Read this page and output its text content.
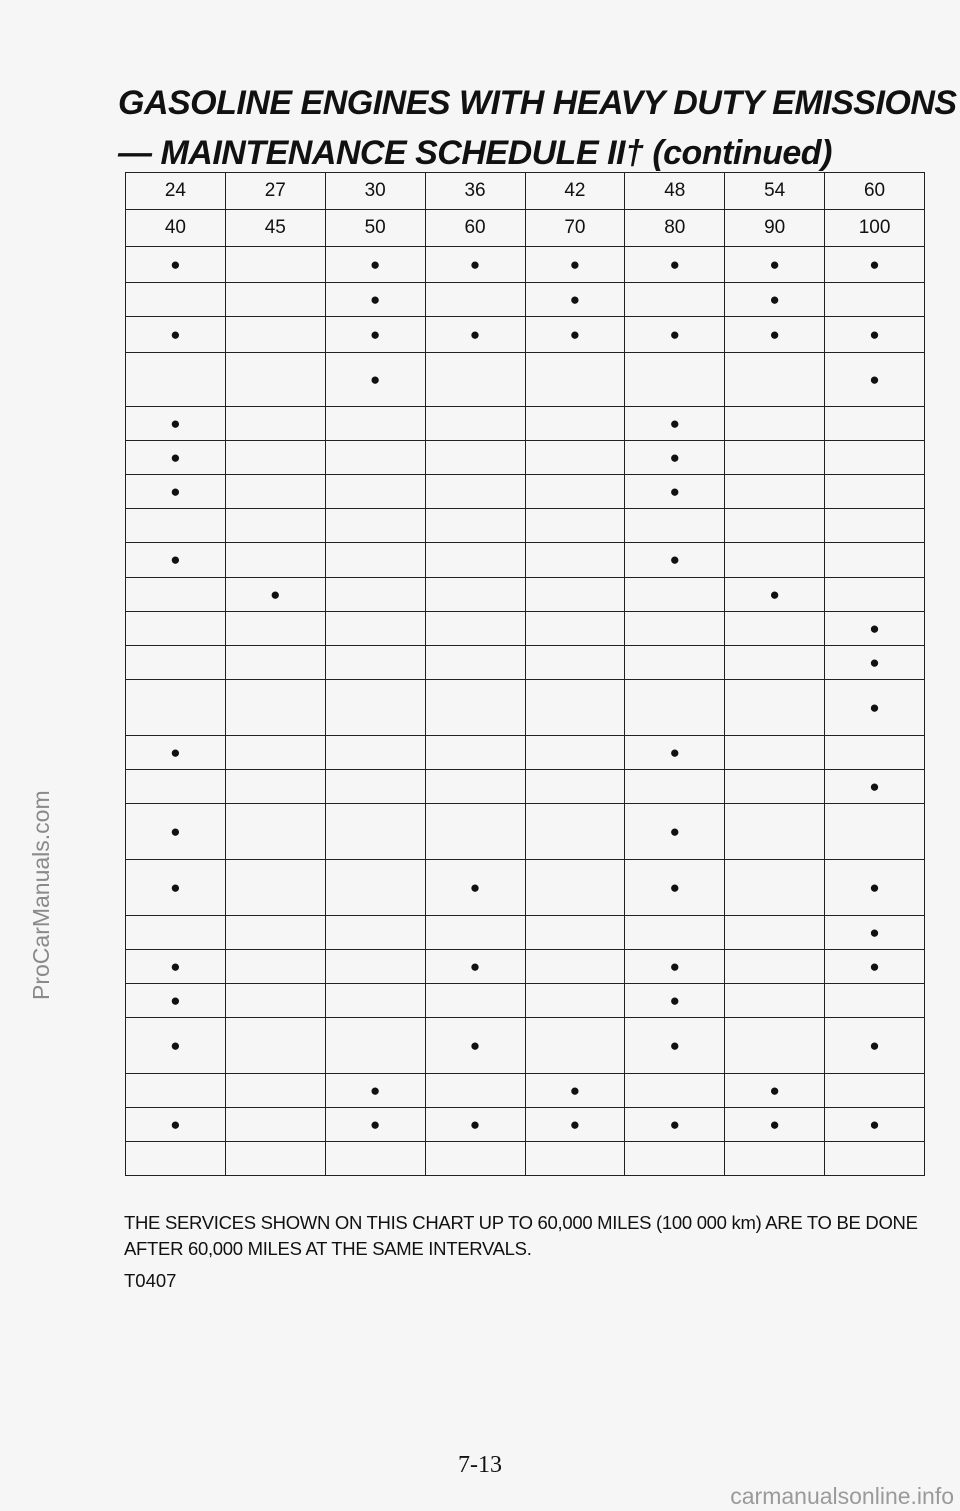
GASOLINE ENGINES WITH HEAVY DUTY EMISSIONS
— MAINTENANCE SCHEDULE II† (continued)
24	27	30	36	42	48	54	60
40	45	50	60	70	80	90	100
●		●	●	●	●	●	●
		●		●		●	
●		●	●	●	●	●	●
		●					●
●					●		
●					●		
●					●		

●					●		
	●					●	
							●
							●
							●
●					●		
							●
●					●		
●			●		●		●
							●
●			●		●		●
●					●		
●			●		●		●
		●		●		●	
●		●	●	●	●	●	●

THE SERVICES SHOWN ON THIS CHART UP TO 60,000 MILES (100 000 km) ARE TO BE DONE AFTER 60,000 MILES AT THE SAME INTERVALS.

T0407
ProCarManuals.com
7-13
carmanualsonline.info
